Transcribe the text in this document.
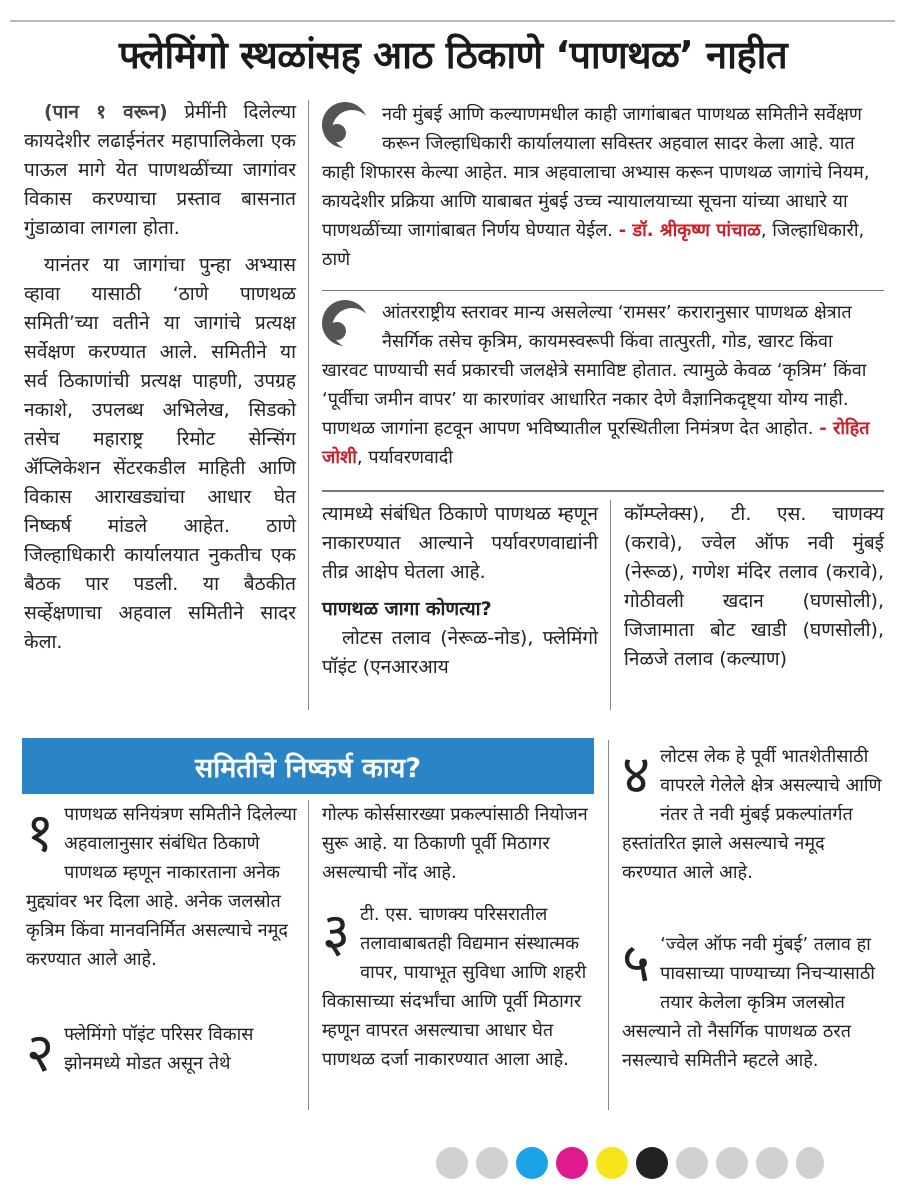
फ्लेमिंगो स्थळांसह आठ ठिकाणे ‘पाणथळ’ नाहीत

(पान १ वरून) प्रेमींनी दिलेल्या कायदेशीर लढाईनंतर महापालिकेला एक पाऊल मागे येत पाणथळींच्या जागांवर विकास करण्याचा प्रस्ताव बासनात गुंडाळावा लागला होता.

यानंतर या जागांचा पुन्हा अभ्यास व्हावा यासाठी ‘ठाणे पाणथळ समिती’च्या वतीने या जागांचे प्रत्यक्ष सर्वेक्षण करण्यात आले. समितीने या सर्व ठिकाणांची प्रत्यक्ष पाहणी, उपग्रह नकाशे, उपलब्ध अभिलेख, सिडको तसेच महाराष्ट्र रिमोट सेन्सिंग ॲप्लिकेशन सेंटरकडील माहिती आणि विकास आराखड्यांचा आधार घेत निष्कर्ष मांडले आहेत. ठाणे जिल्हाधिकारी कार्यालयात नुकतीच एक बैठक पार पडली. या बैठकीत सर्व्हेक्षणाचा अहवाल समितीने सादर केला.

नवी मुंबई आणि कल्याणमधील काही जागांबाबत पाणथळ समितीने सर्वेक्षण करून जिल्हाधिकारी कार्यालयाला सविस्तर अहवाल सादर केला आहे. यात काही शिफारस केल्या आहेत. मात्र अहवालाचा अभ्यास करून पाणथळ जागांचे नियम, कायदेशीर प्रक्रिया आणि याबाबत मुंबई उच्च न्यायालयाच्या सूचना यांच्या आधारे या पाणथळींच्या जागांबाबत निर्णय घेण्यात येईल. - डॉ. श्रीकृष्ण पांचाळ, जिल्हाधिकारी, ठाणे
आंतरराष्ट्रीय स्तरावर मान्य असलेल्या ‘रामसर’ करारानुसार पाणथळ क्षेत्रात नैसर्गिक तसेच कृत्रिम, कायमस्वरूपी किंवा तात्पुरती, गोड, खारट किंवा खारवट पाण्याची सर्व प्रकारची जलक्षेत्रे समाविष्ट होतात. त्यामुळे केवळ ‘कृत्रिम’ किंवा ‘पूर्वीचा जमीन वापर’ या कारणांवर आधारित नकार देणे वैज्ञानिकदृष्ट्या योग्य नाही. पाणथळ जागांना हटवून आपण भविष्यातील पूरस्थितीला निमंत्रण देत आहोत. - रोहित जोशी, पर्यावरणवादी

त्यामध्ये संबंधित ठिकाणे पाणथळ म्हणून नाकारण्यात आल्याने पर्यावरणवाद्यांनी तीव्र आक्षेप घेतला आहे.

पाणथळ जागा कोणत्या?

लोटस तलाव (नेरूळ-नोड), फ्लेमिंगो पॉइंट (एनआरआय

कॉम्प्लेक्स), टी. एस. चाणक्य (करावे), ज्वेल ऑफ नवी मुंबई (नेरूळ), गणेश मंदिर तलाव (करावे), गोठीवली खदान (घणसोली), जिजामाता बोट खाडी (घणसोली), निळजे तलाव (कल्याण)

समितीचे निष्कर्ष काय?
१ पाणथळ सनियंत्रण समितीने दिलेल्या अहवालानुसार संबंधित ठिकाणे पाणथळ म्हणून नाकारताना अनेक मुद्द्यांवर भर दिला आहे. अनेक जलस्रोत कृत्रिम किंवा मानवनिर्मित असल्याचे नमूद करण्यात आले आहे.
२ फ्लेमिंगो पॉइंट परिसर विकास झोनमध्ये मोडत असून तेथे
गोल्फ कोर्ससारख्या प्रकल्पांसाठी नियोजन सुरू आहे. या ठिकाणी पूर्वी मिठागर असल्याची नोंद आहे.
३ टी. एस. चाणक्य परिसरातील तलावाबाबतही विद्यमान संस्थात्मक वापर, पायाभूत सुविधा आणि शहरी विकासाच्या संदर्भांचा आणि पूर्वी मिठागर म्हणून वापरत असल्याचा आधार घेत पाणथळ दर्जा नाकारण्यात आला आहे.
४ लोटस लेक हे पूर्वी भातशेतीसाठी वापरले गेलेले क्षेत्र असल्याचे आणि नंतर ते नवी मुंबई प्रकल्पांतर्गत हस्तांतरित झाले असल्याचे नमूद करण्यात आले आहे.
५ ‘ज्वेल ऑफ नवी मुंबई’ तलाव हा पावसाच्या पाण्याच्या निचऱ्यासाठी तयार केलेला कृत्रिम जलस्रोत असल्याने तो नैसर्गिक पाणथळ ठरत नसल्याचे समितीने म्हटले आहे.
